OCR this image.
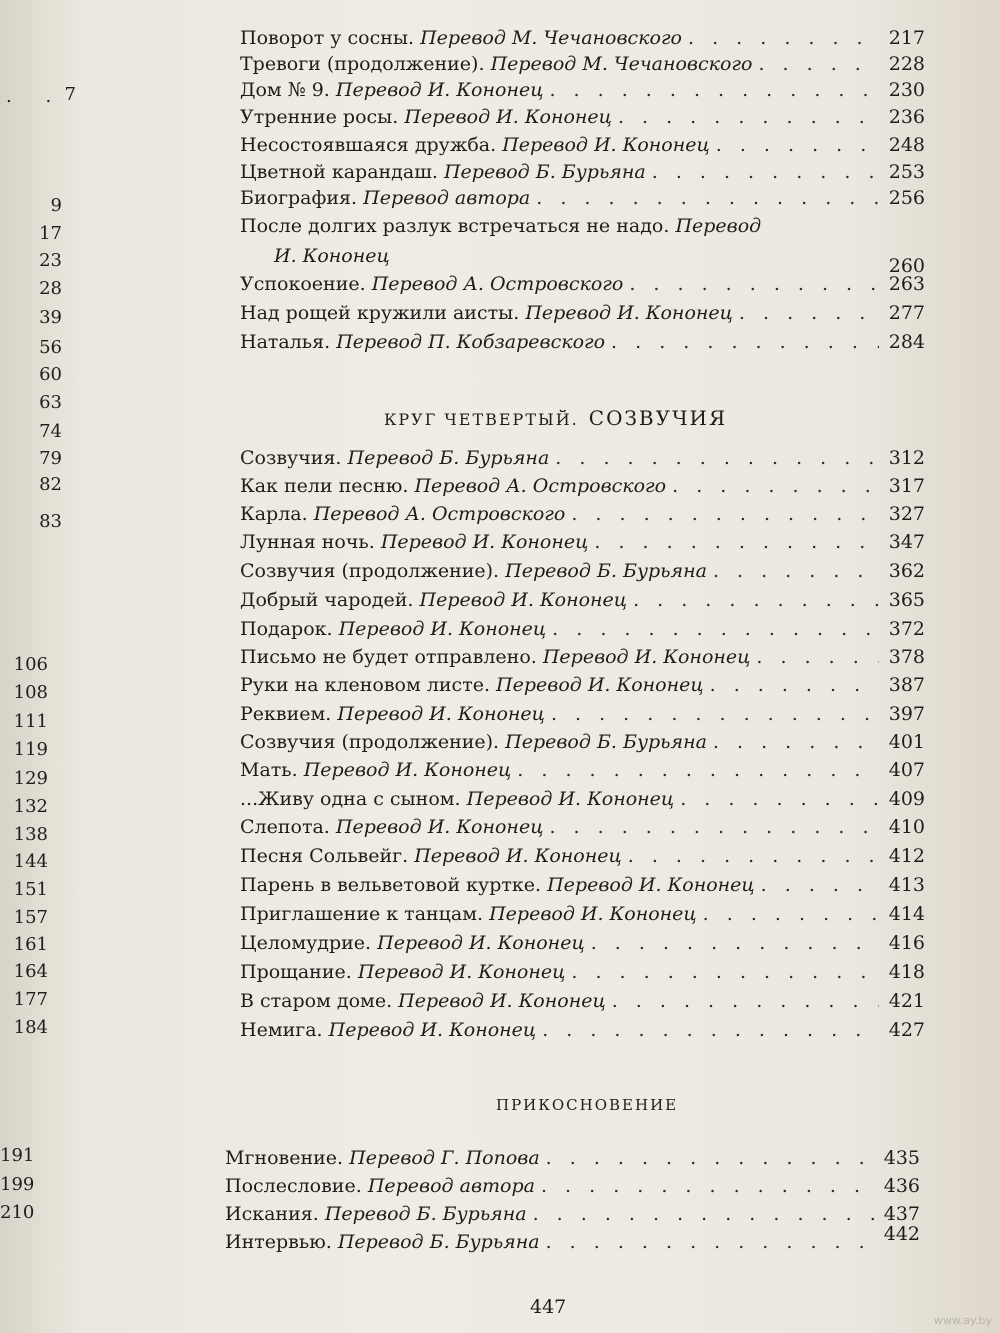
. . 7
9
17
23
28
39
56
60
63
74
79
82
83
106
108
111
119
129
132
138
144
151
157
161
164
177
184
191
199
210
Поворот у сосны. Перевод М. Чечановского . . .	217
Тревоги (продолжение). Перевод М. Чечановского . . .	228
Дом № 9. Перевод И. Кононец . . .	230
Утренние росы. Перевод И. Кононец . . .	236
Несостоявшаяся дружба. Перевод И. Кононец . . .	248
Цветной карандаш. Перевод Б. Бурьяна . . .	253
Биография. Перевод автора . . .	256
После долгих разлук встречаться не надо. Перевод
И. Кононец	260
Успокоение. Перевод А. Островского . . .	263
Над рощей кружили аисты. Перевод И. Кононец . . .	277
Наталья. Перевод П. Кобзаревского . . .	284
КРУГ ЧЕТВЕРТЫЙ. СОЗВУЧИЯ
Созвучия. Перевод Б. Бурьяна . . .	312
Как пели песню. Перевод А. Островского . . .	317
Карла. Перевод А. Островского . . .	327
Лунная ночь. Перевод И. Кононец . . .	347
Созвучия (продолжение). Перевод Б. Бурьяна . . .	362
Добрый чародей. Перевод И. Кононец . . .	365
Подарок. Перевод И. Кононец . . .	372
Письмо не будет отправлено. Перевод И. Кононец . . .	378
Руки на кленовом листе. Перевод И. Кононец . . .	387
Реквием. Перевод И. Кононец . . .	397
Созвучия (продолжение). Перевод Б. Бурьяна . . .	401
Мать. Перевод И. Кононец . . .	407
...Живу одна с сыном. Перевод И. Кононец . . .	409
Слепота. Перевод И. Кононец . . .	410
Песня Сольвейг. Перевод И. Кононец . . .	412
Парень в вельветовой куртке. Перевод И. Кононец . . .	413
Приглашение к танцам. Перевод И. Кононец . . .	414
Целомудрие. Перевод И. Кононец . . .	416
Прощание. Перевод И. Кононец . . .	418
В старом доме. Перевод И. Кононец . . .	421
Немига. Перевод И. Кононец . . .	427
ПРИКОСНОВЕНИЕ
Мгновение. Перевод Г. Попова . . .	435
Послесловие. Перевод автора . . .	436
Искания. Перевод Б. Бурьяна . . .	437
Интервью. Перевод Б. Бурьяна . . .	442
447
www.ay.by
